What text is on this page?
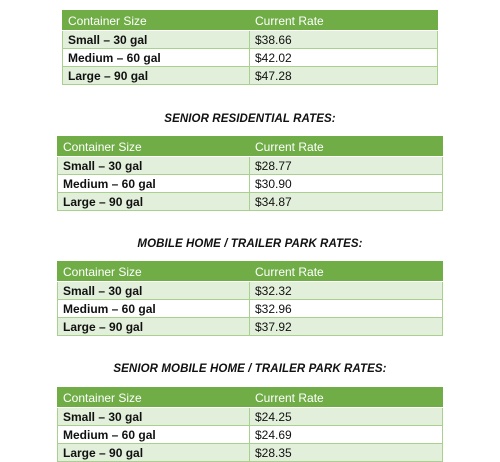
Container Size	Current Rate
Small – 30 gal	$38.66
Medium – 60 gal	$42.02
Large – 90 gal	$47.28
SENIOR RESIDENTIAL RATES:
Container Size	Current Rate
Small – 30 gal	$28.77
Medium – 60 gal	$30.90
Large – 90 gal	$34.87
MOBILE HOME / TRAILER PARK RATES:
Container Size	Current Rate
Small – 30 gal	$32.32
Medium – 60 gal	$32.96
Large – 90 gal	$37.92
SENIOR MOBILE HOME / TRAILER PARK RATES:
Container Size	Current Rate
Small – 30 gal	$24.25
Medium – 60 gal	$24.69
Large – 90 gal	$28.35
